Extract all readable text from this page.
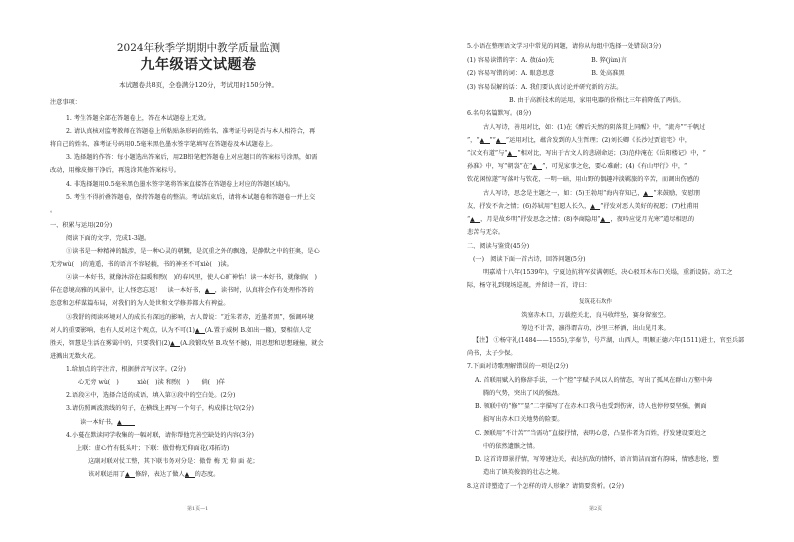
2024年秋季学期期中教学质量监测
九年级语文试题卷
本试题卷共8页，全卷满分120分，考试用时150分钟。
注意事项：
1. 考生答题全部在答题卷上，答在本试题卷上无效。
2. 请认真核对监考教师在答题卷上所粘贴条形码的姓名、准考证号码是否与本人相符合，再
将自己的姓名、准考证号码用0.5毫米黑色墨水签字笔填写在答题卷及本试题卷上。
3. 选择题的作答：每小题选出答案后，用2B铅笔把答题卷上对应题目的答案标号涂黑，如需
改动，用橡皮擦干净后，再选涂其他答案标号。
4. 非选择题用0.5毫米黑色墨水签字笔将答案直接答在答题卷上对应的答题区域内。
5. 考生不得折叠答题卷，保持答题卷的整洁。考试结束后，请将本试题卷和答题卷一并上交
。
一、积累与运用(20分)
阅读下面的文字，完成1-3题。
①读书是一种精神的跋涉，是一种心灵的朝觐，是沉重之外的飘逸，是静默之中的狂奥，是心
无旁wù(　)的逍遥，书的语言不容轻藐，书的神圣不可xiè(　)渎。
②读一本好书，就像沐浴在温暖和煦(　)的春风里，使人心旷神怡！读一本好书，就像倘(　)
佯在意境高雅的风景中，让人怪恋忘返！　读一本好书，▲ ，读书时，认真将会作有处理作答的
恣意和怎样谋篇布局，对我们的为人处世和文学修养都大有裨益。
③我舒的阅读环境对人的成长有深远的影响，古人曾说：“近朱者赤，近墨者黑”，强调环境
对人的重要影响，也有人反对这个观点，认为不可(1)▲ (A.置于威树 B.如出一辙)，要相信人定
胜天，智慧是生活在雾霭中的，只要我们(2)▲ (A.段锻攻坚 B.攻坚不撼)，用思想和思想碰撞，就会
进溅出无数火花。
1.给加点的字注音，根据拼音写汉字。(2分)
心无旁 wù(　)　　　xiè(　)渎 和煦(　)　　倘(　)佯
2.语段②中，选择合适的成语，填入第③段中的空白处。(2分)
3.请仿照画波浪线的句子，在横线上再写一个句子，构成排比句(2分)
读一本好书，▲
4.小蔓在默读同学收集的一幅对联，请你帮他完善空缺处的内容(3分)
上联：虚心竹有低头叶；下联：傲骨梅无仰面花(邓拓诗)
这副对联对仗工整，其下联韦务对分是：傲骨 梅 无 仰 面 花；
该对联运用了▲ 修辞，表达了做人▲ 的态度。
第1页—1
5.小语在整理语文学习中常见的问题，请你从每组中选择一处错误(3分)
(1) 容易读错的字：A. 敖(áo)先　　　　　　B. 猝(jùn)言
(2) 容易写错的词：A. 眼意思意　　　　　　B. 处高准黑
(3) 容易误解的话：A. 我们要认真讨论并研究新的方法。
B. 由于高新技术的运用，家用电器的价格比三年前降低了两倍。
6.名句名篇默写。(8分)
古人写诗，善用对比，如：(1)在《醉后天然的阴落贯上同醒》中，“流舟”“千帆过
”，“▲ ”“▲ ”运用对比，蕴含发到的人生哲理；(2)刘长卿《长沙过贾谊宅》中，
“汉文有道”与“▲ ”相对比，写出于古文人的悲剧命运；(3)范仲淹在《岳阳楼记》中，“
孙准》中，写“朝袅”在“▲ ”，可见家事之危，要心难耐；(4)《有山甲行》中，“
钦花闲惊遂”写落叶与钦花，一明一暗，用山野的偶趣冲淡羁旅的辛苦，而调出伤感的
古人写诗，思念是主题之一，如：(5)王勃用“海内存知己，▲ ”来鼓励，安慰朋
友，抒发不舍之情；(6)苏轼用“但愿人长久，▲ ”抒发对恶人美好的祝愿；(7)杜甫用
“▲ ，月是故乡明”抒发思念之情；(8)李商隐用“▲ ，夜吟应觉月光寒”道尽相思的
悲苦与无奈。
二、阅读与鉴赏(45分)
(一)　阅读下面一首古诗，回答问题(5分)
明嘉靖十八年(1539年)，宁夏边抗将军贫满朝廷，决心驳耳木布口关塌，重新设防。动工之
际，杨守礼到现场巡视，并留诗一首，诗曰：
复筑花石坎作
筑塞赤木口，万载控关北，良马收绊坠，赛身留塞空。
筹边不计苦，凛得谓吉功，沙里三杯酒，出山见月来。
【注】 ①杨守礼(1484——1555),字秦节，号芦湖，山西人，明顺正德六年(1511)进士，官至兵部
尚书，太子少保。
7.下面对诗歌理解错误的一项是(2分)
A. 首联用赋入的修辞手法，一个“控”字赋予风以人的情态，写出了孤风在群山万壑中奔
腾的气势，突出了风的强劲。
B. 领联中的“修”“显”二字描写了在赤木口我马也受到伤害，诗人也停停要坚强，侧面
损写出赤木口关地势的险要。
C. 颈联用“不计苦”“当需功”直接抒情，表明心意，凸显作者为百姓，抒发建设要追之
中的依然遗骸之情。
D. 这首诗即景抒情，写筹建边关，表达抗敌的情怀，语言简洁而富有韵味，情感悲怆，塑
造出了镇英俊浪的壮志之境。
8.这首诗塑造了一个怎样的诗人形象？请简要赏析。(2分)
第2页
